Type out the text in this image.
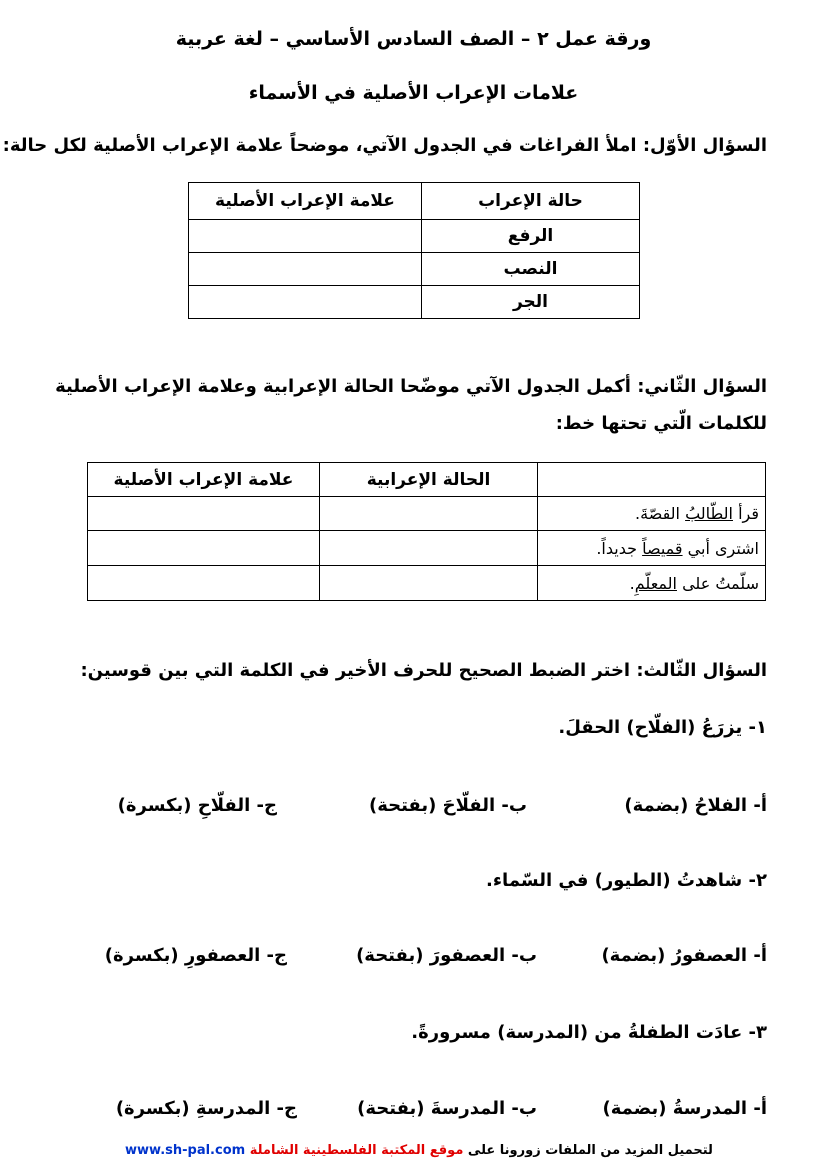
ورقة عمل ٢ – الصف السادس الأساسي – لغة عربية
علامات الإعراب الأصلية في الأسماء
السؤال الأوّل: املأ الفراغات في الجدول الآتي، موضحاً علامة الإعراب الأصلية لكل حالة:
حالة الإعراب	علامة الإعراب الأصلية
الرفع	
النصب	
الجر	
السؤال الثّاني: أكمل الجدول الآتي موضّحا الحالة الإعرابية وعلامة الإعراب الأصلية
للكلمات الّتي تحتها خط:
	الحالة الإعرابية	علامة الإعراب الأصلية
قرأ الطّالبُ القصّةَ.		
اشترى أبي قميصاً جديداً.		
سلّمتُ على المعلّمِ.		
السؤال الثّالث: اختر الضبط الصحيح للحرف الأخير في الكلمة التي بين قوسين:
١- يزرَعُ (الفلّاح) الحقلَ.
أ- الفلاحُ (بضمة)
ب- الفلّاحَ (بفتحة)
ج- الفلّاحِ (بكسرة)
٢- شاهدتُ (الطيور) في السّماء.
أ- العصفورُ (بضمة)
ب- العصفورَ (بفتحة)
ج- العصفورِ (بكسرة)
٣- عادَت الطفلةُ من (المدرسة) مسرورةً.
أ- المدرسةُ (بضمة)
ب- المدرسةَ (بفتحة)
ج- المدرسةِ (بكسرة)
لتحميل المزيد من الملفات زورونا على موقع المكتبة الفلسطينية الشاملة www.sh-pal.com
